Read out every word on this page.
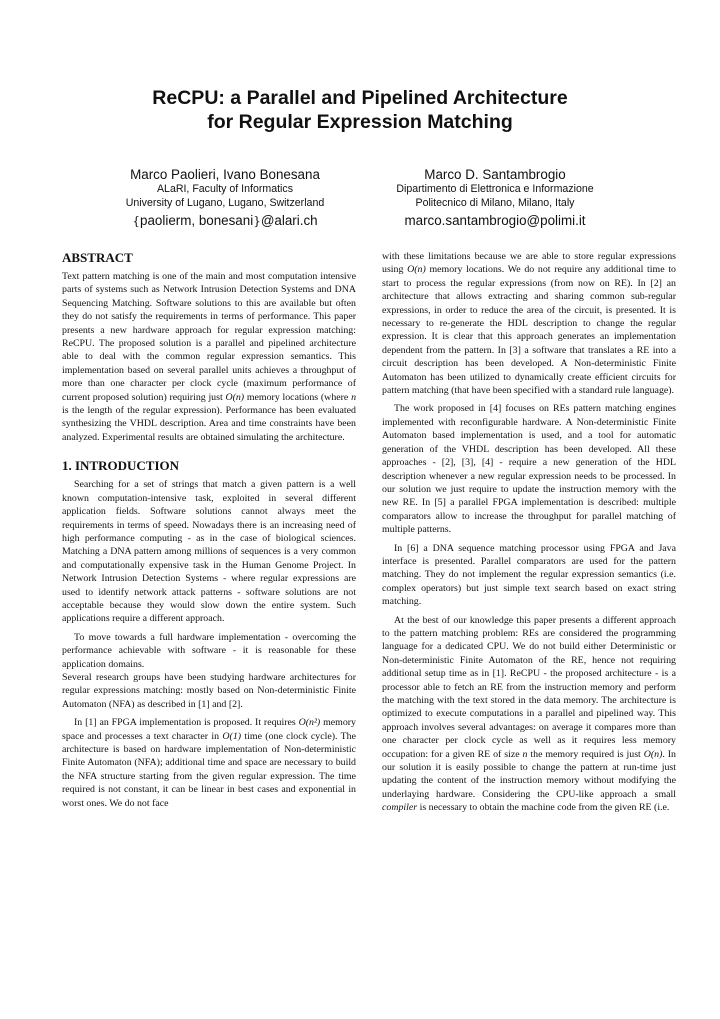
ReCPU: a Parallel and Pipelined Architecture
for Regular Expression Matching
Marco Paolieri, Ivano Bonesana
ALaRI, Faculty of Informatics
University of Lugano, Lugano, Switzerland
{paolierm, bonesani}@alari.ch
Marco D. Santambrogio
Dipartimento di Elettronica e Informazione
Politecnico di Milano, Milano, Italy
marco.santambrogio@polimi.it
ABSTRACT

Text pattern matching is one of the main and most computation intensive parts of systems such as Network Intrusion Detection Systems and DNA Sequencing Matching. Software solutions to this are available but often they do not satisfy the requirements in terms of performance. This paper presents a new hardware approach for regular expression matching: ReCPU. The proposed solution is a parallel and pipelined architecture able to deal with the common regular expression semantics. This implementation based on several parallel units achieves a throughput of more than one character per clock cycle (maximum performance of current proposed solution) requiring just O(n) memory locations (where n is the length of the regular expression). Performance has been evaluated synthesizing the VHDL description. Area and time constraints have been analyzed. Experimental results are obtained simulating the architecture.

1. INTRODUCTION

Searching for a set of strings that match a given pattern is a well known computation-intensive task, exploited in several different application fields. Software solutions cannot always meet the requirements in terms of speed. Nowadays there is an increasing need of high performance computing - as in the case of biological sciences. Matching a DNA pattern among millions of sequences is a very common and computationally expensive task in the Human Genome Project. In Network Intrusion Detection Systems - where regular expressions are used to identify network attack patterns - software solutions are not acceptable because they would slow down the entire system. Such applications require a different approach.

To move towards a full hardware implementation - overcoming the performance achievable with software - it is reasonable for these application domains.

Several research groups have been studying hardware architectures for regular expressions matching: mostly based on Non-deterministic Finite Automaton (NFA) as described in [1] and [2].

In [1] an FPGA implementation is proposed. It requires O(n²) memory space and processes a text character in O(1) time (one clock cycle). The architecture is based on hardware implementation of Non-deterministic Finite Automaton (NFA); additional time and space are necessary to build the NFA structure starting from the given regular expression. The time required is not constant, it can be linear in best cases and exponential in worst ones. We do not face

with these limitations because we are able to store regular expressions using O(n) memory locations. We do not require any additional time to start to process the regular expressions (from now on RE). In [2] an architecture that allows extracting and sharing common sub-regular expressions, in order to reduce the area of the circuit, is presented. It is necessary to re-generate the HDL description to change the regular expression. It is clear that this approach generates an implementation dependent from the pattern. In [3] a software that translates a RE into a circuit description has been developed. A Non-deterministic Finite Automaton has been utilized to dynamically create efficient circuits for pattern matching (that have been specified with a standard rule language).

The work proposed in [4] focuses on REs pattern matching engines implemented with reconfigurable hardware. A Non-deterministic Finite Automaton based implementation is used, and a tool for automatic generation of the VHDL description has been developed. All these approaches - [2], [3], [4] - require a new generation of the HDL description whenever a new regular expression needs to be processed. In our solution we just require to update the instruction memory with the new RE. In [5] a parallel FPGA implementation is described: multiple comparators allow to increase the throughput for parallel matching of multiple patterns.

In [6] a DNA sequence matching processor using FPGA and Java interface is presented. Parallel comparators are used for the pattern matching. They do not implement the regular expression semantics (i.e. complex operators) but just simple text search based on exact string matching.

At the best of our knowledge this paper presents a different approach to the pattern matching problem: REs are considered the programming language for a dedicated CPU. We do not build either Deterministic or Non-deterministic Finite Automaton of the RE, hence not requiring additional setup time as in [1]. ReCPU - the proposed architecture - is a processor able to fetch an RE from the instruction memory and perform the matching with the text stored in the data memory. The architecture is optimized to execute computations in a parallel and pipelined way. This approach involves several advantages: on average it compares more than one character per clock cycle as well as it requires less memory occupation: for a given RE of size n the memory required is just O(n). In our solution it is easily possible to change the pattern at run-time just updating the content of the instruction memory without modifying the underlaying hardware. Considering the CPU-like approach a small compiler is necessary to obtain the machine code from the given RE (i.e.
